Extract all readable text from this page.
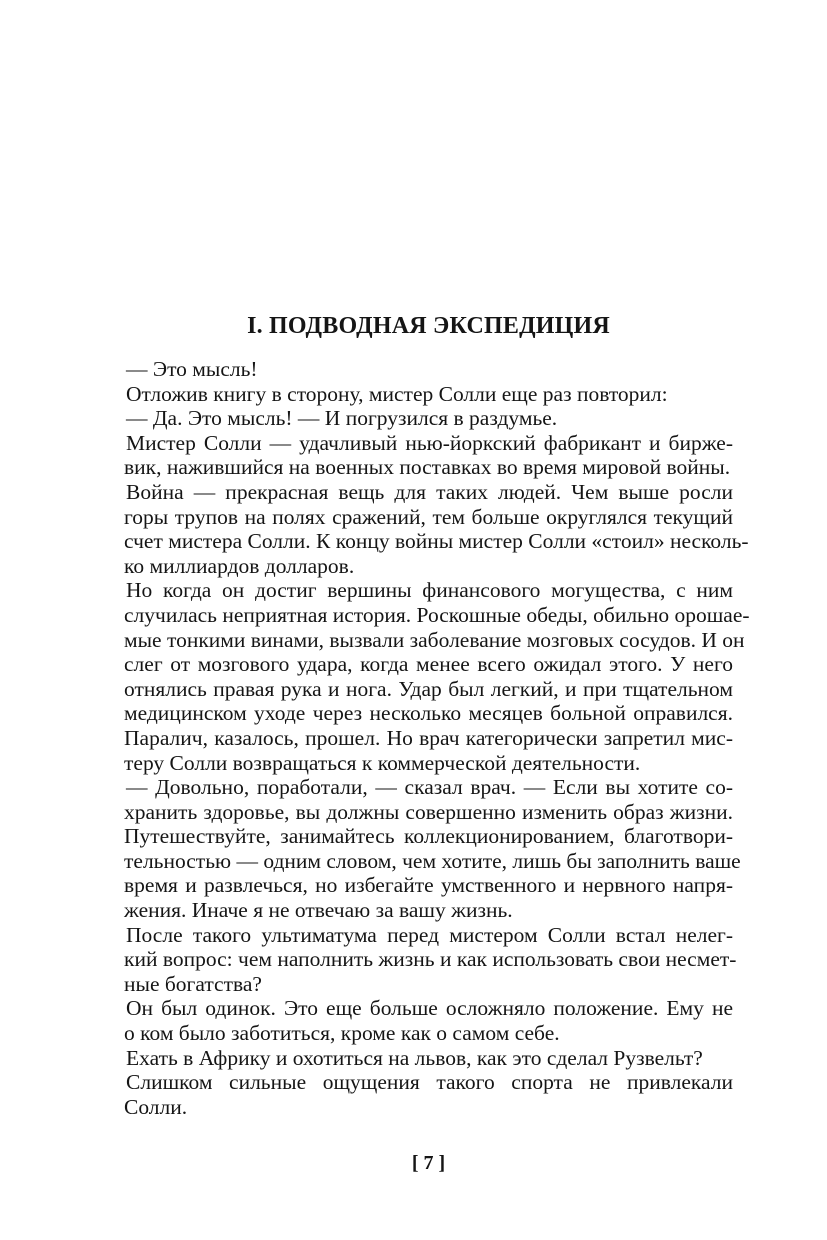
I. ПОДВОДНАЯ ЭКСПЕДИЦИЯ

— Это мысль!

Отложив книгу в сторону, мистер Солли еще раз повторил:

— Да. Это мысль! — И погрузился в раздумье.

Мистер Солли — удачливый нью-йоркский фабрикант и бирже-
вик, нажившийся на военных поставках во время мировой войны.

Война — прекрасная вещь для таких людей. Чем выше росли
горы трупов на полях сражений, тем больше округлялся текущий
счет мистера Солли. К концу войны мистер Солли «стоил» несколь-
ко миллиардов долларов.

Но когда он достиг вершины финансового могущества, с ним
случилась неприятная история. Роскошные обеды, обильно орошае-
мые тонкими винами, вызвали заболевание мозговых сосудов. И он
слег от мозгового удара, когда менее всего ожидал этого. У него
отнялись правая рука и нога. Удар был легкий, и при тщательном
медицинском уходе через несколько месяцев больной оправился.
Паралич, казалось, прошел. Но врач категорически запретил мис-
теру Солли возвращаться к коммерческой деятельности.

— Довольно, поработали, — сказал врач. — Если вы хотите со-
хранить здоровье, вы должны совершенно изменить образ жизни.
Путешествуйте, занимайтесь коллекционированием, благотвори-
тельностью — одним словом, чем хотите, лишь бы заполнить ваше
время и развлечься, но избегайте умственного и нервного напря-
жения. Иначе я не отвечаю за вашу жизнь.

После такого ультиматума перед мистером Солли встал нелег-
кий вопрос: чем наполнить жизнь и как использовать свои несмет-
ные богатства?

Он был одинок. Это еще больше осложняло положение. Ему не
о ком было заботиться, кроме как о самом себе.

Ехать в Африку и охотиться на львов, как это сделал Рузвельт?

Слишком сильные ощущения такого спорта не привлекали
Солли.

[ 7 ]
